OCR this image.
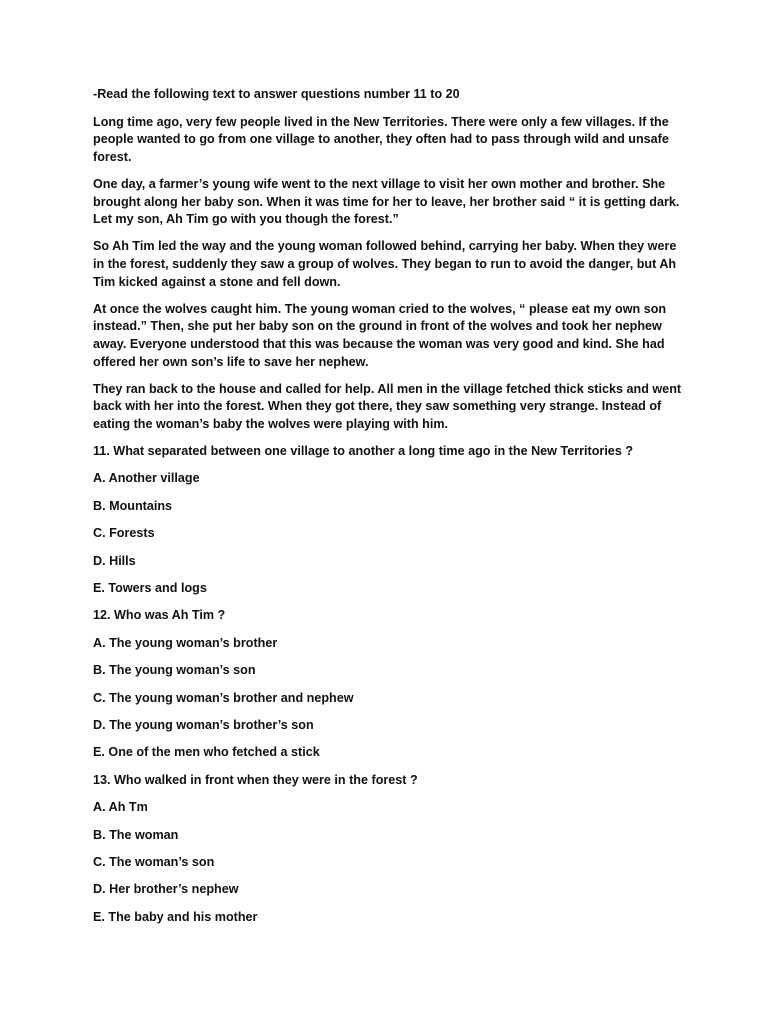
-Read the following text to answer questions number 11 to 20

Long time ago, very few people lived in the New Territories. There were only a few villages. If the people wanted to go from one village to another, they often had to pass through wild and unsafe forest.

One day, a farmer’s young wife went to the next village to visit her own mother and brother. She brought along her baby son. When it was time for her to leave, her brother said “ it is getting dark. Let my son, Ah Tim go with you though the forest.”

So Ah Tim led the way and the young woman followed behind, carrying her baby. When they were in the forest, suddenly they saw a group of wolves. They began to run to avoid the danger, but Ah Tim kicked against a stone and fell down.

At once the wolves caught him. The young woman cried to the wolves, “ please eat my own son instead.” Then, she put her baby son on the ground in front of the wolves and took her nephew away. Everyone understood that this was because the woman was very good and kind. She had offered her own son’s life to save her nephew.

They ran back to the house and called for help. All men in the village fetched thick sticks and went back with her into the forest. When they got there, they saw something very strange. Instead of eating the woman’s baby the wolves were playing with him.

11. What separated between one village to another a long time ago in the New Territories ?
A. Another village
B. Mountains
C. Forests
D. Hills
E. Towers and logs
12. Who was Ah Tim ?
A. The young woman’s brother
B. The young woman’s son
C. The young woman’s brother and nephew
D. The young woman’s brother’s son
E. One of the men who fetched a stick
13. Who walked in front when they were in the forest ?
A. Ah Tm
B. The woman
C. The woman’s son
D. Her brother’s nephew
E. The baby and his mother
